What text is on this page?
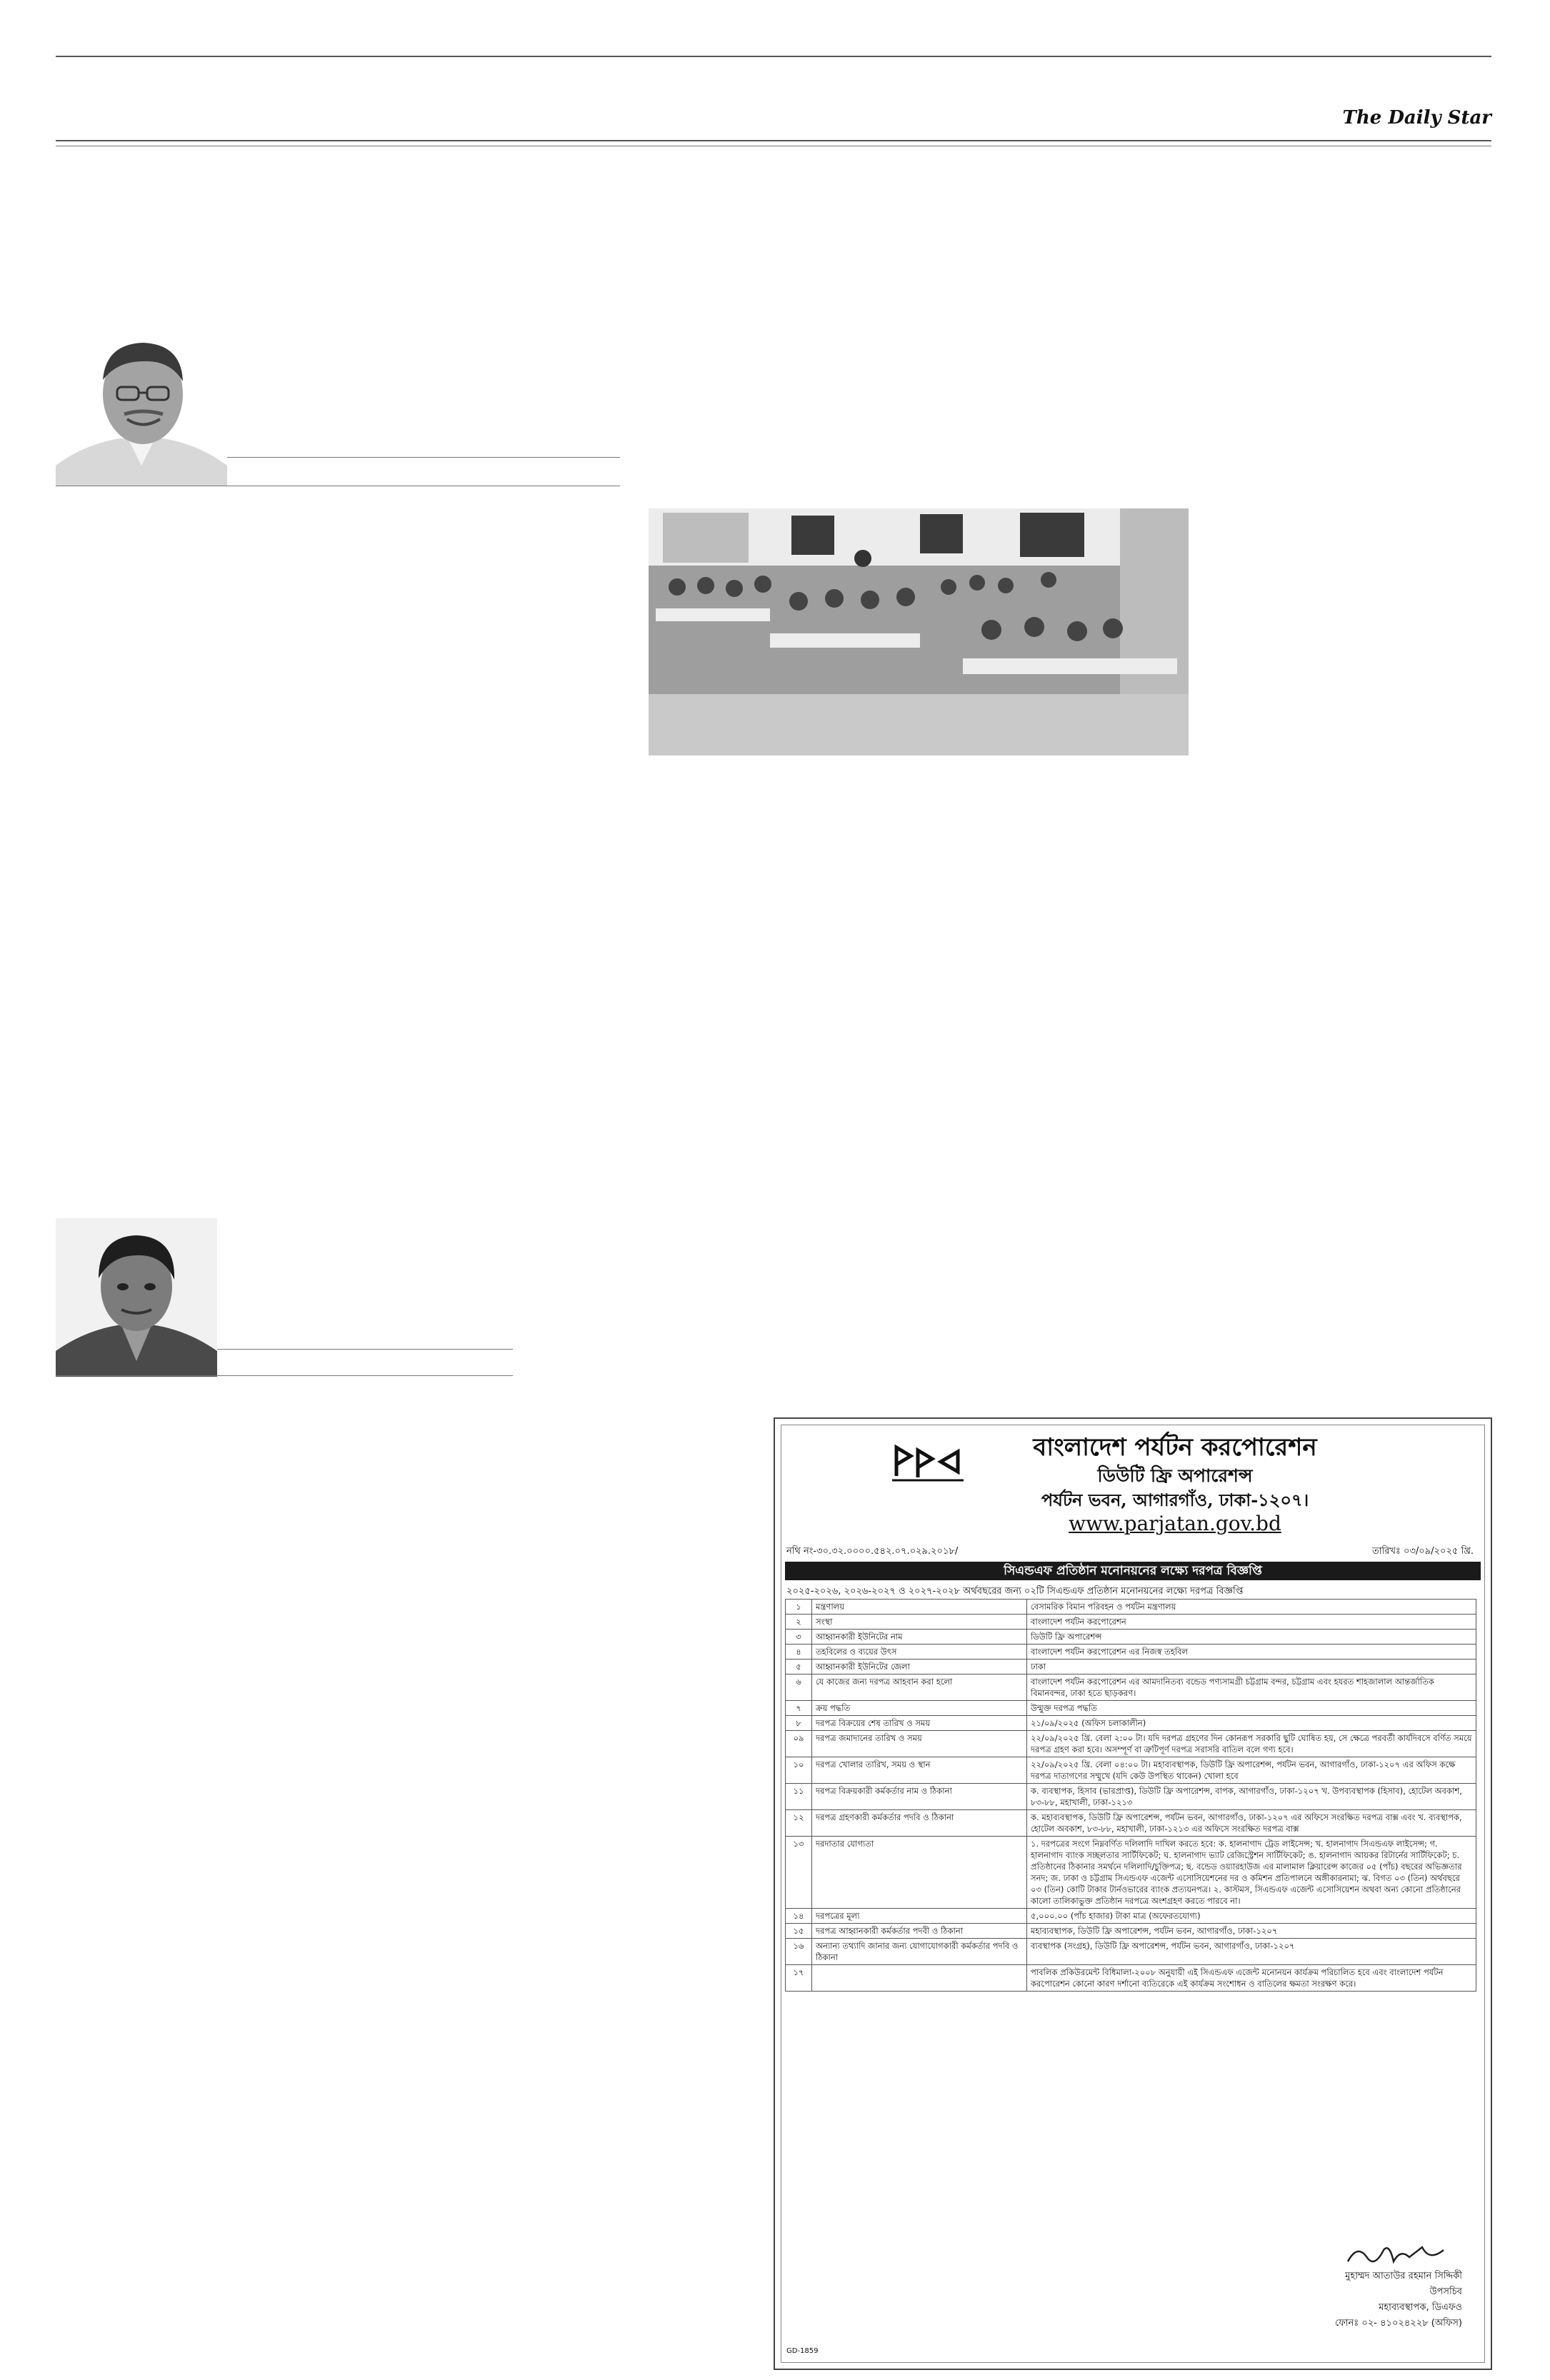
The Daily Star
বাংলাদেশ পর্যটন করপোরেশন
ডিউটি ফ্রি অপারেশন্স
পর্যটন ভবন, আগারগাঁও, ঢাকা-১২০৭।
www.parjatan.gov.bd
নথি নং-৩০.৩২.০০০০.৫৪২.০৭.০২৯.২০১৮/	তারিখঃ ০৩/০৯/২০২৫ খ্রি.
সিএন্ডএফ প্রতিষ্ঠান মনোনয়নের লক্ষ্যে দরপত্র বিজ্ঞপ্তি
২০২৫-২০২৬, ২০২৬-২০২৭ ও ২০২৭-২০২৮ অর্থবছরের জন্য ০২টি সিএন্ডএফ প্রতিষ্ঠান মনোনয়নের লক্ষ্যে দরপত্র বিজ্ঞপ্তি
১	মন্ত্রণালয়	বেসামরিক বিমান পরিবহন ও পর্যটন মন্ত্রণালয়
২	সংস্থা	বাংলাদেশ পর্যটন করপোরেশন
৩	আহ্বানকারী ইউনিটের নাম	ডিউটি ফ্রি অপারেশন্স
৪	তহবিলের ও ব্যয়ের উৎস	বাংলাদেশ পর্যটন করপোরেশন এর নিজস্ব তহবিল
৫	আহ্বানকারী ইউনিটের জেলা	ঢাকা
৬	যে কাজের জন্য দরপত্র আহবান করা হলো	বাংলাদেশ পর্যটন করপোরেশন এর আমদানিতব্য বন্ডেড পণ্যসামগ্রী চট্টগ্রাম বন্দর, চট্টগ্রাম এবং হযরত শাহজালাল আন্তর্জাতিক বিমানবন্দর, ঢাকা হতে ছাড়করণ।
৭	ক্রয় পদ্ধতি	উন্মুক্ত দরপত্র পদ্ধতি
৮	দরপত্র বিক্রয়ের শেষ তারিখ ও সময়	২১/০৯/২০২৫ (অফিস চলাকালীন)
০৯	দরপত্র জমাদানের তারিখ ও সময়	২২/০৯/২০২৫ খ্রি. বেলা ২:০০ টা। যদি দরপত্র গ্রহণের দিন কোনরূপ সরকারি ছুটি ঘোষিত হয়, সে ক্ষেত্রে পরবর্তী কার্যদিবসে বর্ণিত সময়ে দরপত্র গ্রহণ করা হবে। অসম্পূর্ণ বা ত্রুটিপূর্ণ দরপত্র সরাসরি বাতিল বলে গণ্য হবে।
১০	দরপত্র খোলার তারিখ, সময় ও স্থান	২২/০৯/২০২৫ খ্রি. বেলা ০৪:০০ টা। মহাব্যবস্থাপক, ডিউটি ফ্রি অপারেশন্স, পর্যটন ভবন, আগারগাঁও, ঢাকা-১২০৭ এর অফিস কক্ষে দরপত্র দাতাগণের সম্মুখে (যদি কেউ উপস্থিত থাকেন) খোলা হবে
১১	দরপত্র বিক্রয়কারী কর্মকর্তার নাম ও ঠিকানা	ক. ব্যবস্থাপক, হিসাব (ভারপ্রাপ্ত), ডিউটি ফ্রি অপারেশন্স, বাপক, আগারগাঁও, ঢাকা-১২০৭ খ. উপব্যবস্থাপক (হিসাব), হোটেল অবকাশ, ৮৩-৮৮, মহাখালী, ঢাকা-১২১৩
১২	দরপত্র গ্রহণকারী কর্মকর্তার পদবি ও ঠিকানা	ক. মহাব্যবস্থাপক, ডিউটি ফ্রি অপারেশন্স, পর্যটন ভবন, আগারগাঁও, ঢাকা-১২০৭ এর অফিসে সংরক্ষিত দরপত্র বাক্স এবং খ. ব্যবস্থাপক, হোটেল অবকাশ, ৮৩-৮৮, মহাখালী, ঢাকা-১২১৩ এর অফিসে সংরক্ষিত দরপত্র বাক্স
১৩	দরদাতার যোগ্যতা	১. দরপত্রের সংগে নিম্নবর্ণিত দলিলাদি দাখিল করতে হবে: ক. হালনাগাদ ট্রেড লাইসেন্স; খ. হালনাগাদ সিএন্ডএফ লাইসেন্স; গ. হালনাগাদ ব্যাংক সচ্ছলতার সার্টিফিকেট; ঘ. হালনাগাদ ভ্যাট রেজিস্ট্রেশন সার্টিফিকেট; ঙ. হালনাগাদ আয়কর রিটার্নের সার্টিফিকেট; চ. প্রতিষ্ঠানের ঠিকানার সমর্থনে দলিলাদি/চুক্তিপত্র; ছ. বন্ডেড ওয়্যারহাউজ এর মালামাল ক্লিয়ারেন্স কাজের ০৫ (পাঁচ) বছরের অভিজ্ঞতার সনদ; জ. ঢাকা ও চট্টগ্রাম সিএন্ডএফ এজেন্ট এসোসিয়েশনের দর ও কমিশন প্রতিপালনে অঙ্গীকারনামা; ঝ. বিগত ০৩ (তিন) অর্থবছরে ০৩ (তিন) কোটি টাকার টার্নওভারের ব্যাংক প্রত্যয়নপত্র। ২. কাস্টমস, সিএন্ডএফ এজেন্ট এসোসিয়েশন অথবা অন্য কোনো প্রতিষ্ঠানের কালো তালিকাভুক্ত প্রতিষ্ঠান দরপত্রে অংশগ্রহণ করতে পারবে না।
১৪	দরপত্রের মূল্য	৫,০০০.০০ (পাঁচ হাজার) টাকা মাত্র (অফেরতযোগ্য)
১৫	দরপত্র আহ্বানকারী কর্মকর্তার পদবী ও ঠিকানা	মহাব্যবস্থাপক, ডিউটি ফ্রি অপারেশন্স, পর্যটন ভবন, আগারগাঁও, ঢাকা-১২০৭
১৬	অন্যান্য তথ্যাদি জানার জন্য যোগাযোগকারী কর্মকর্তার পদবি ও ঠিকানা	ব্যবস্থাপক (সংগ্রহ), ডিউটি ফ্রি অপারেশন্স, পর্যটন ভবন, আগারগাঁও, ঢাকা-১২০৭
১৭		পাবলিক প্রকিউরমেন্ট বিধিমালা-২০০৮ অনুযায়ী এই সিএন্ডএফ এজেন্ট মনোনয়ন কার্যক্রম পরিচালিত হবে এবং বাংলাদেশ পর্যটন করপোরেশন কোনো কারণ দর্শানো ব্যতিরেকে এই কার্যক্রম সংশোধন ও বাতিলের ক্ষমতা সংরক্ষণ করে।
মুহাম্মদ আতাউর রহমান সিদ্দিকী
উপসচিব
মহাব্যবস্থাপক, ডিএফও
ফোনঃ ০২- ৪১০২৪২২৮ (অফিস)
GD-1859
